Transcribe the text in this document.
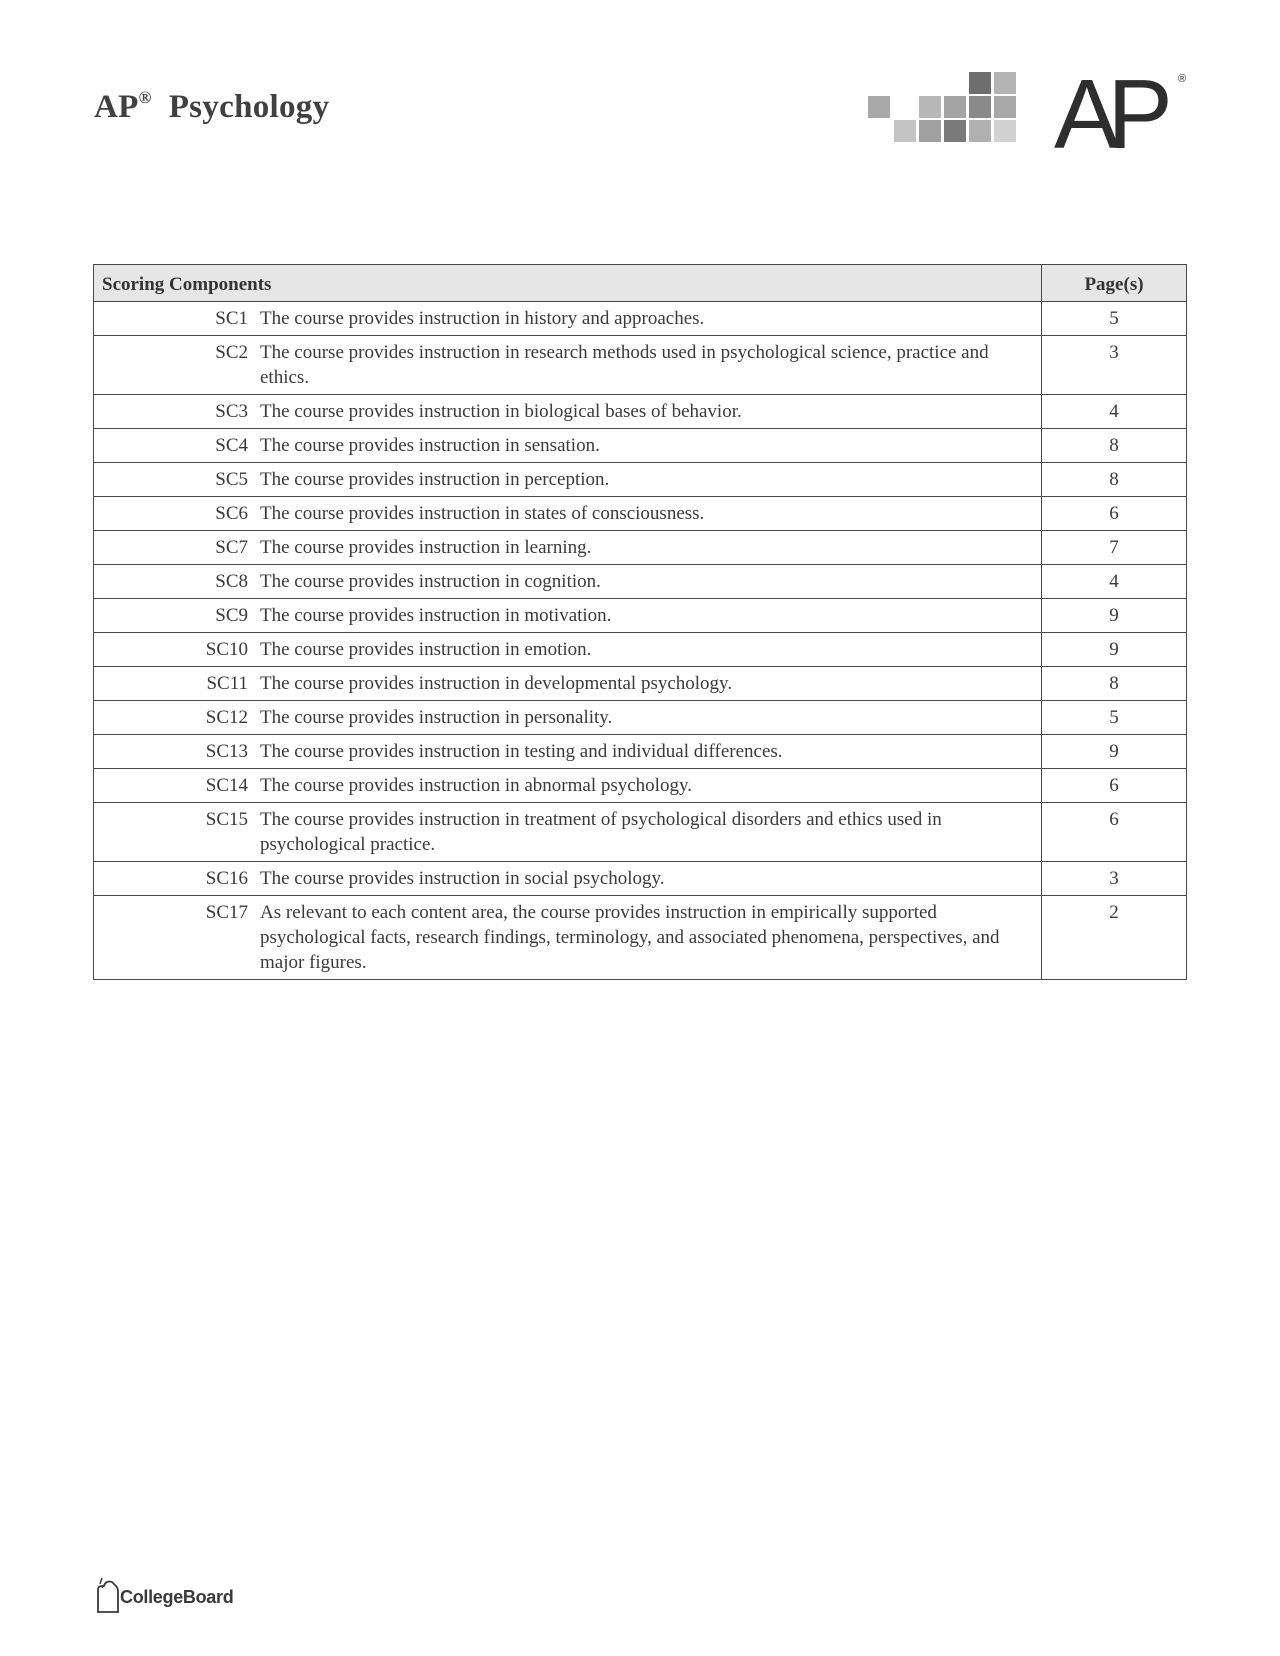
AP® Psychology	AP	®
Scoring Components	Page(s)

SC1 The course provides instruction in history and approaches.	5

SC2 The course provides instruction in research methods used in psychological science, practice and ethics.	3

SC3 The course provides instruction in biological bases of behavior.	4

SC4 The course provides instruction in sensation.	8

SC5 The course provides instruction in perception.	8

SC6 The course provides instruction in states of consciousness.	6

SC7 The course provides instruction in learning.	7

SC8 The course provides instruction in cognition.	4

SC9 The course provides instruction in motivation.	9

SC10 The course provides instruction in emotion.	9

SC11 The course provides instruction in developmental psychology.	8

SC12 The course provides instruction in personality.	5

SC13 The course provides instruction in testing and individual differences.	9

SC14 The course provides instruction in abnormal psychology.	6

SC15 The course provides instruction in treatment of psychological disorders and ethics used in psychological practice.	6

SC16 The course provides instruction in social psychology.	3

SC17 As relevant to each content area, the course provides instruction in empirically supported psychological facts, research findings, terminology, and associated phenomena, perspectives, and major figures.	2
CollegeBoard
